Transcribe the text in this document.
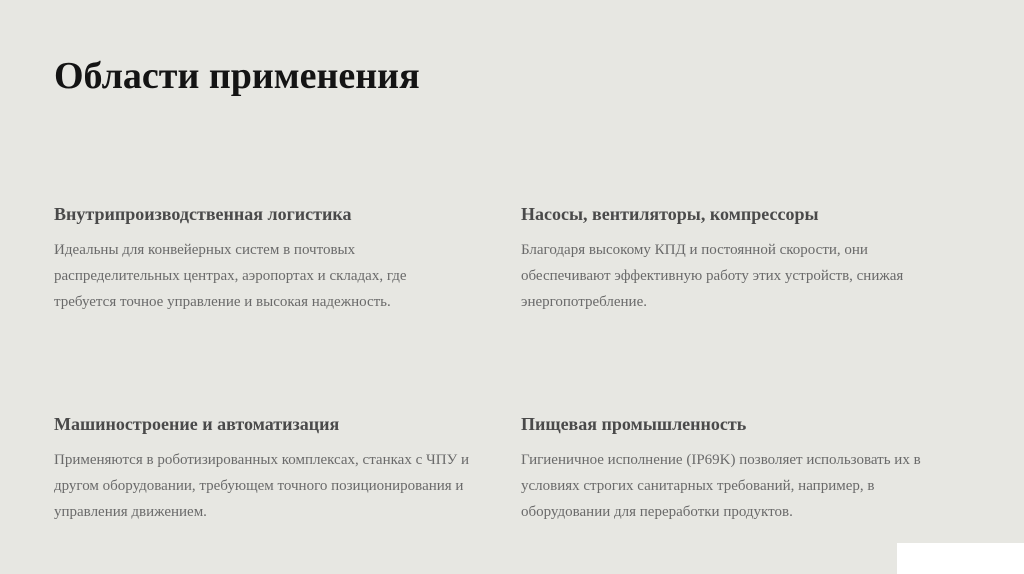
Области применения
Внутрипроизводственная логистика

Идеальны для конвейерных систем в почтовых распределительных центрах, аэропортах и складах, где требуется точное управление и высокая надежность.

Насосы, вентиляторы, компрессоры

Благодаря высокому КПД и постоянной скорости, они обеспечивают эффективную работу этих устройств, снижая энергопотребление.

Машиностроение и автоматизация

Применяются в роботизированных комплексах, станках с ЧПУ и другом оборудовании, требующем точного позиционирования и управления движением.

Пищевая промышленность

Гигиеничное исполнение (IP69K) позволяет использовать их в условиях строгих санитарных требований, например, в оборудовании для переработки продуктов.
